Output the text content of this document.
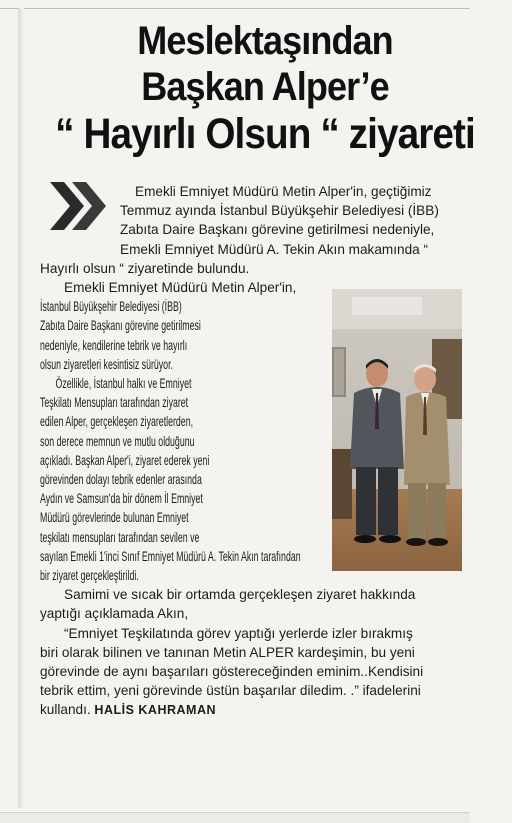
Meslektaşından
Başkan Alper’e
“ Hayırlı Olsun “ ziyareti
Emekli Emniyet Müdürü Metin Alper'in, geçtiğimiz
Temmuz ayında İstanbul Büyükşehir Belediyesi (İBB)
Zabıta Daire Başkanı görevine getirilmesi nedeniyle,
Emekli Emniyet Müdürü A. Tekin Akın makamında “
Hayırlı olsun “ ziyaretinde bulundu.
Emekli Emniyet Müdürü Metin Alper'in,
İstanbul Büyükşehir Belediyesi (İBB)
Zabıta Daire Başkanı görevine getirilmesi
nedeniyle, kendilerine tebrik ve hayırlı
olsun ziyaretleri kesintisiz sürüyor.
Özellikle, İstanbul halkı ve Emniyet
Teşkilatı Mensupları tarafından ziyaret
edilen Alper, gerçekleşen ziyaretlerden,
son derece memnun ve mutlu olduğunu
açıkladı. Başkan Alper'i, ziyaret ederek yeni
görevinden dolayı tebrik edenler arasında
Aydın ve Samsun'da bir dönem İl Emniyet
Müdürü görevlerinde bulunan Emniyet
teşkilatı mensupları tarafından sevilen ve
sayılan Emekli 1'inci Sınıf Emniyet Müdürü A. Tekin Akın tarafından
bir ziyaret gerçekleştirildi.
Samimi ve sıcak bir ortamda gerçekleşen ziyaret hakkında
yaptığı açıklamada Akın,
“Emniyet Teşkilatında görev yaptığı yerlerde izler bırakmış
biri olarak bilinen ve tanınan Metin ALPER kardeşimin, bu yeni
görevinde de aynı başarıları göstereceğinden eminim..Kendisini
tebrik ettim, yeni görevinde üstün başarılar diledim. .” ifadelerini
kullandı. HALİS KAHRAMAN
